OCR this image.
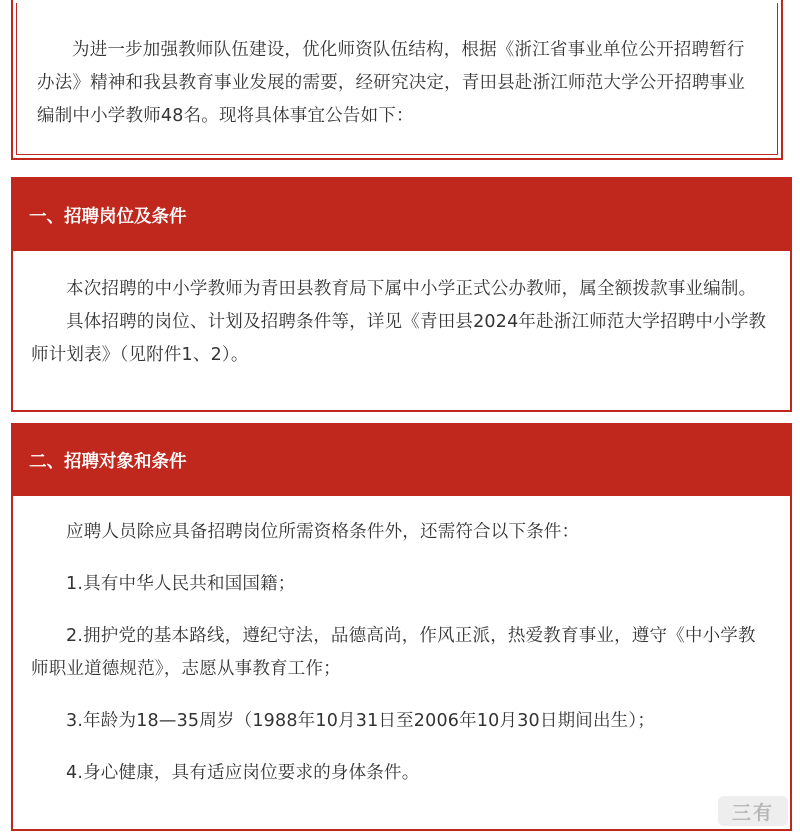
为进一步加强教师队伍建设，优化师资队伍结构，根据《浙江省事业单位公开招聘暂行办法》精神和我县教育事业发展的需要，经研究决定，青田县赴浙江师范大学公开招聘事业编制中小学教师48名。现将具体事宜公告如下：

一、招聘岗位及条件

本次招聘的中小学教师为青田县教育局下属中小学正式公办教师，属全额拨款事业编制。

具体招聘的岗位、计划及招聘条件等，详见《青田县2024年赴浙江师范大学招聘中小学教师计划表》（见附件1、2）。

二、招聘对象和条件

应聘人员除应具备招聘岗位所需资格条件外，还需符合以下条件：

1.具有中华人民共和国国籍；

2.拥护党的基本路线，遵纪守法，品德高尚，作风正派，热爱教育事业，遵守《中小学教师职业道德规范》，志愿从事教育工作；

3.年龄为18—35周岁（1988年10月31日至2006年10月30日期间出生）；

4.身心健康，具有适应岗位要求的身体条件。

三有
